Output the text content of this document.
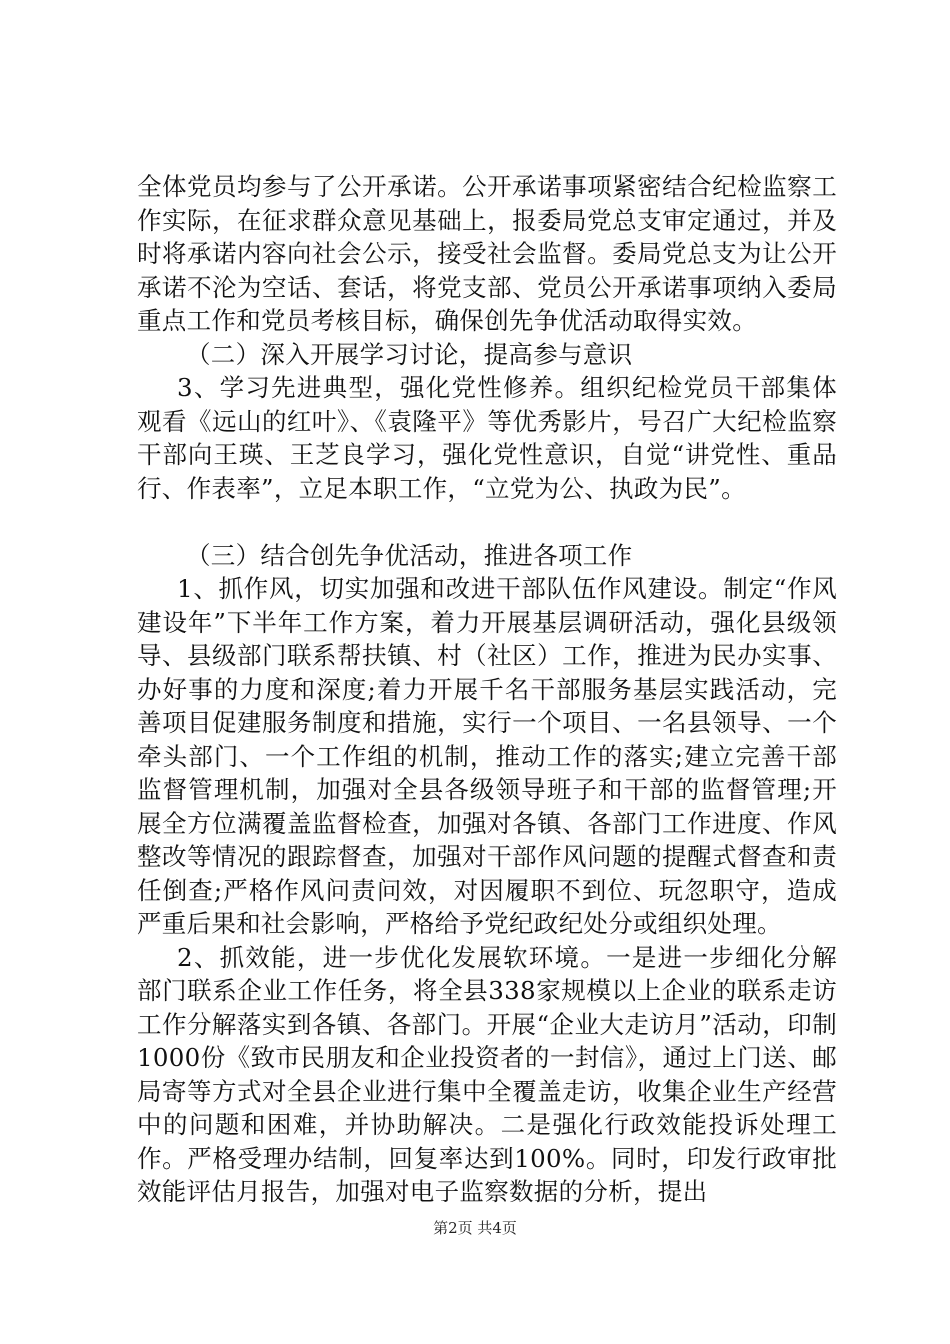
全体党员均参与了公开承诺。公开承诺事项紧密结合纪检监察工作实际，在征求群众意见基础上，报委局党总支审定通过，并及时将承诺内容向社会公示，接受社会监督。委局党总支为让公开承诺不沦为空话、套话，将党支部、党员公开承诺事项纳入委局重点工作和党员考核目标，确保创先争优活动取得实效。

（二）深入开展学习讨论，提高参与意识

3、学习先进典型，强化党性修养。组织纪检党员干部集体观看《远山的红叶》、《袁隆平》等优秀影片，号召广大纪检监察干部向王瑛、王芝良学习，强化党性意识，自觉“讲党性、重品行、作表率”，立足本职工作，“立党为公、执政为民”。

（三）结合创先争优活动，推进各项工作

1、抓作风，切实加强和改进干部队伍作风建设。制定“作风建设年”下半年工作方案，着力开展基层调研活动，强化县级领导、县级部门联系帮扶镇、村（社区）工作，推进为民办实事、办好事的力度和深度;着力开展千名干部服务基层实践活动，完善项目促建服务制度和措施，实行一个项目、一名县领导、一个牵头部门、一个工作组的机制，推动工作的落实;建立完善干部监督管理机制，加强对全县各级领导班子和干部的监督管理;开展全方位满覆盖监督检查，加强对各镇、各部门工作进度、作风整改等情况的跟踪督查，加强对干部作风问题的提醒式督查和责任倒查;严格作风问责问效，对因履职不到位、玩忽职守，造成严重后果和社会影响，严格给予党纪政纪处分或组织处理。

2、抓效能，进一步优化发展软环境。一是进一步细化分解部门联系企业工作任务，将全县338家规模以上企业的联系走访工作分解落实到各镇、各部门。开展“企业大走访月”活动，印制1000份《致市民朋友和企业投资者的一封信》，通过上门送、邮局寄等方式对全县企业进行集中全覆盖走访，收集企业生产经营中的问题和困难，并协助解决。二是强化行政效能投诉处理工作。严格受理办结制，回复率达到100%。同时，印发行政审批效能评估月报告，加强对电子监察数据的分析，提出

第2页 共4页
